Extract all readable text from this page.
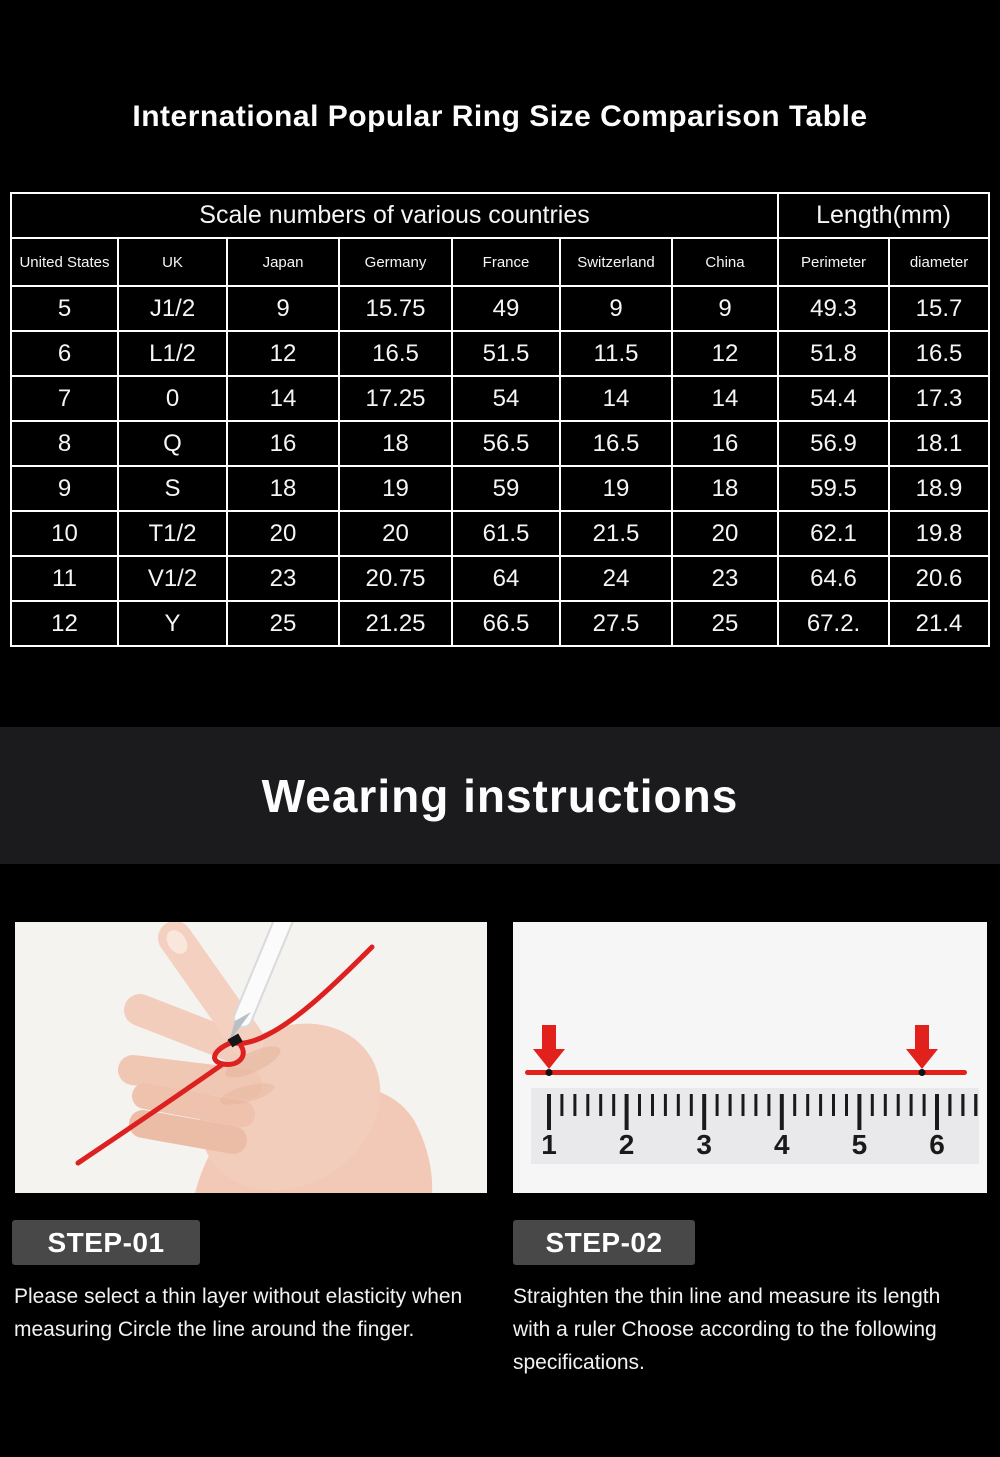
International Popular Ring Size Comparison Table
Scale numbers of various countries							Length(mm)	
United States	UK	Japan	Germany	France	Switzerland	China	Perimeter	diameter
5	J1/2	9	15.75	49	9	9	49.3	15.7
6	L1/2	12	16.5	51.5	11.5	12	51.8	16.5
7	0	14	17.25	54	14	14	54.4	17.3
8	Q	16	18	56.5	16.5	16	56.9	18.1
9	S	18	19	59	19	18	59.5	18.9
10	T1/2	20	20	61.5	21.5	20	62.1	19.8
11	V1/2	23	20.75	64	24	23	64.6	20.6
12	Y	25	21.25	66.5	27.5	25	67.2.	21.4
Wearing instructions
1 2 3 4 5 6
STEP-01	STEP-02
Please select a thin layer without elasticity when measuring Circle the line around the finger.
Straighten the thin line and measure its length with a ruler Choose according to the following specifications.
